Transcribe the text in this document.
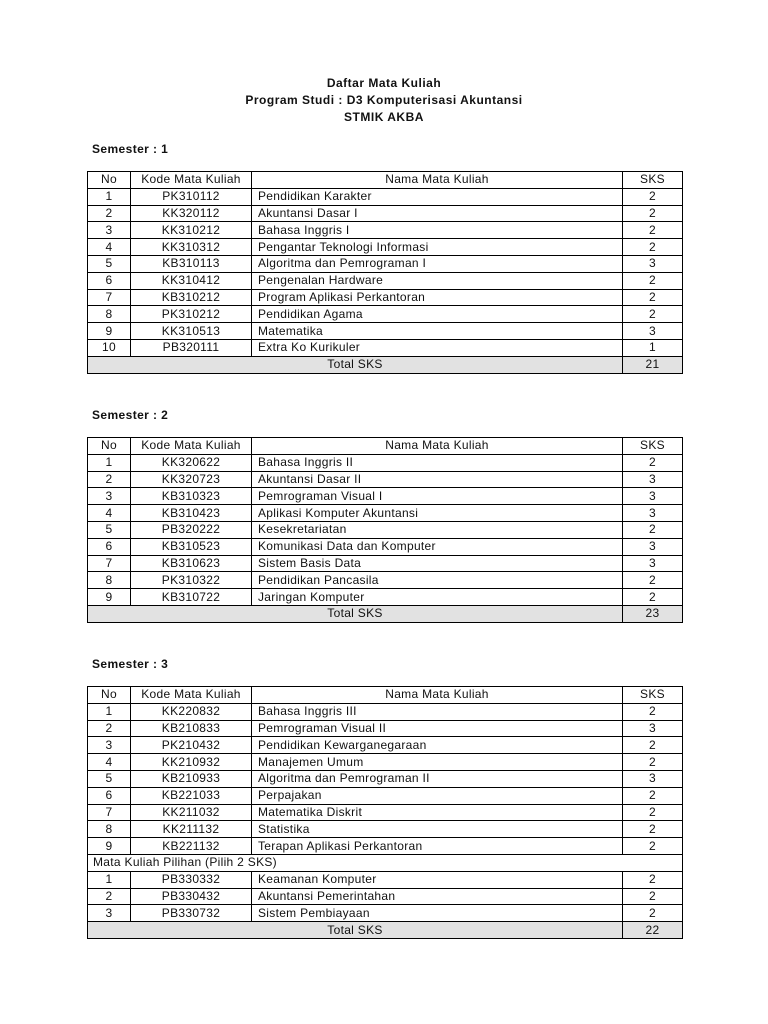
Daftar Mata Kuliah
Program Studi : D3 Komputerisasi Akuntansi
STMIK AKBA
Semester : 1
No	Kode Mata Kuliah	Nama Mata Kuliah	SKS
1	PK310112	Pendidikan Karakter	2
2	KK320112	Akuntansi Dasar I	2
3	KK310212	Bahasa Inggris I	2
4	KK310312	Pengantar Teknologi Informasi	2
5	KB310113	Algoritma dan Pemrograman I	3
6	KK310412	Pengenalan Hardware	2
7	KB310212	Program Aplikasi Perkantoran	2
8	PK310212	Pendidikan Agama	2
9	KK310513	Matematika	3
10	PB320111	Extra Ko Kurikuler	1
Total SKS			21
Semester : 2
No	Kode Mata Kuliah	Nama Mata Kuliah	SKS
1	KK320622	Bahasa Inggris II	2
2	KK320723	Akuntansi Dasar II	3
3	KB310323	Pemrograman Visual I	3
4	KB310423	Aplikasi Komputer Akuntansi	3
5	PB320222	Kesekretariatan	2
6	KB310523	Komunikasi Data dan Komputer	3
7	KB310623	Sistem Basis Data	3
8	PK310322	Pendidikan Pancasila	2
9	KB310722	Jaringan Komputer	2
Total SKS			23
Semester : 3
No	Kode Mata Kuliah	Nama Mata Kuliah	SKS
1	KK220832	Bahasa Inggris III	2
2	KB210833	Pemrograman Visual II	3
3	PK210432	Pendidikan Kewarganegaraan	2
4	KK210932	Manajemen Umum	2
5	KB210933	Algoritma dan Pemrograman II	3
6	KB221033	Perpajakan	2
7	KK211032	Matematika Diskrit	2
8	KK211132	Statistika	2
9	KB221132	Terapan Aplikasi Perkantoran	2
Mata Kuliah Pilihan (Pilih 2 SKS)			
1	PB330332	Keamanan Komputer	2
2	PB330432	Akuntansi Pemerintahan	2
3	PB330732	Sistem Pembiayaan	2
Total SKS			22
